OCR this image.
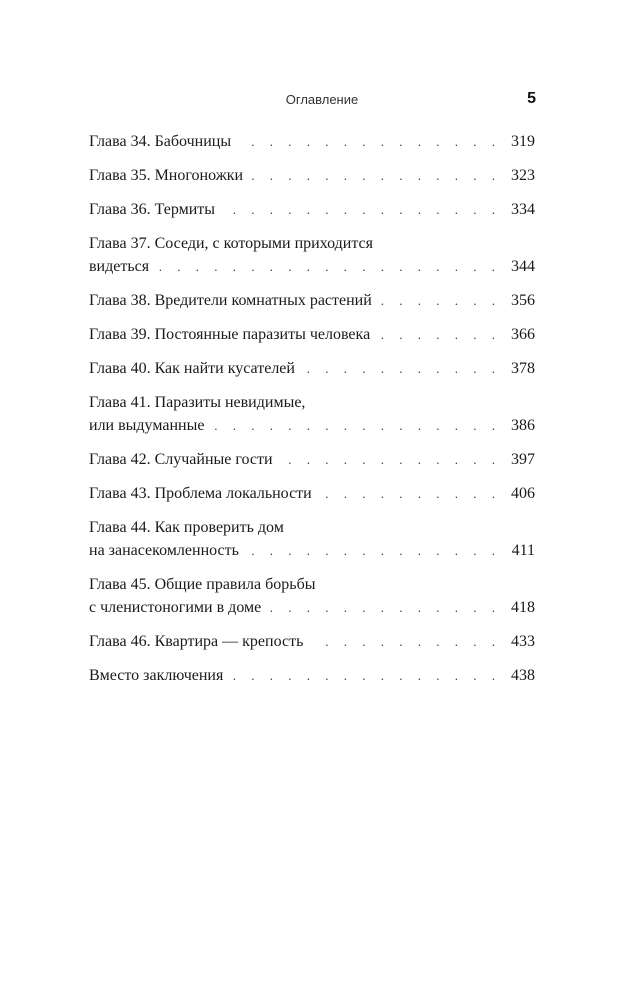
Оглавление	5
Глава 34. Бабочницы . . .	319
Глава 35. Многоножки . . .	323
Глава 36. Термиты . . .	334
Глава 37. Соседи, с которыми приходится
видеться . . .	344
Глава 38. Вредители комнатных растений . . .	356
Глава 39. Постоянные паразиты человека . . .	366
Глава 40. Как найти кусателей . . .	378
Глава 41. Паразиты невидимые,
или выдуманные . . .	386
Глава 42. Случайные гости . . .	397
Глава 43. Проблема локальности . . .	406
Глава 44. Как проверить дом
на занасекомленность . . .	411
Глава 45. Общие правила борьбы
с членистоногими в доме . . .	418
Глава 46. Квартира — крепость . . .	433
Вместо заключения . . .	438
